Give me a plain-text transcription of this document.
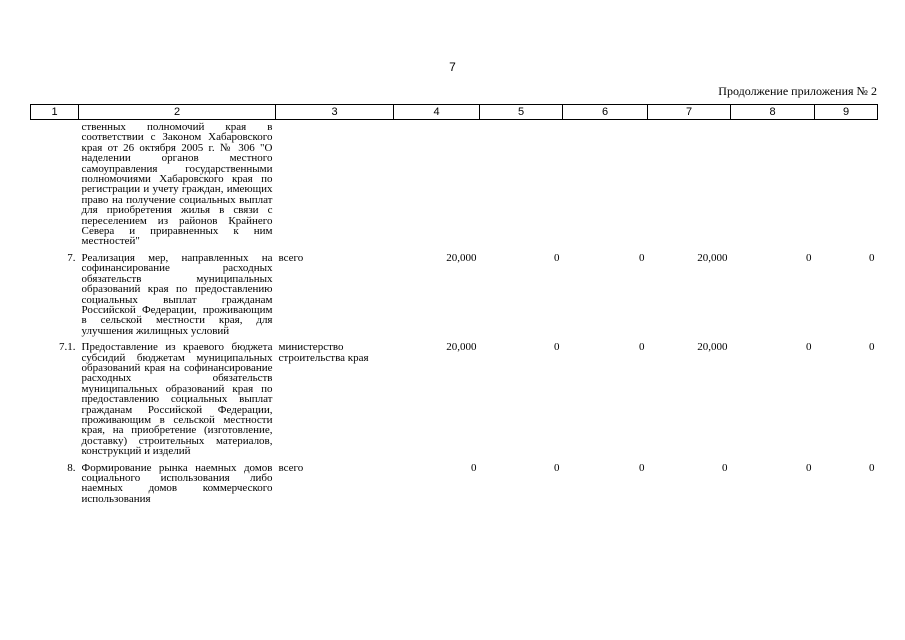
7
Продолжение приложения № 2
1	2	3	4	5	6	7	8	9
	ственных полномочий края в соответствии с Законом Хабаровского края от 26 октября 2005 г. № 306 "О наделении органов местного самоуправления государственными полномочиями Хабаровского края по регистрации и учету граждан, имеющих право на получение социальных выплат для приобретения жилья в связи с переселением из районов Крайнего Севера и приравненных к ним местностей"							
7.	Реализация мер, направленных на софинансирование расходных обязательств муниципальных образований края по предоставлению социальных выплат гражданам Российской Федерации, проживающим в сельской местности края, для улучшения жилищных условий	всего	20,000	0	0	20,000	0	0
7.1.	Предоставление из краевого бюджета субсидий бюджетам муниципальных образований края на софинансирование расходных обязательств муниципальных образований края по предоставлению социальных выплат гражданам Российской Федерации, проживающим в сельской местности края, на приобретение (изготовление, доставку) строительных материалов, конструкций и изделий	министерство строительства края	20,000	0	0	20,000	0	0
8.	Формирование рынка наемных домов социального использования либо наемных домов коммерческого использования	всего	0	0	0	0	0	0
